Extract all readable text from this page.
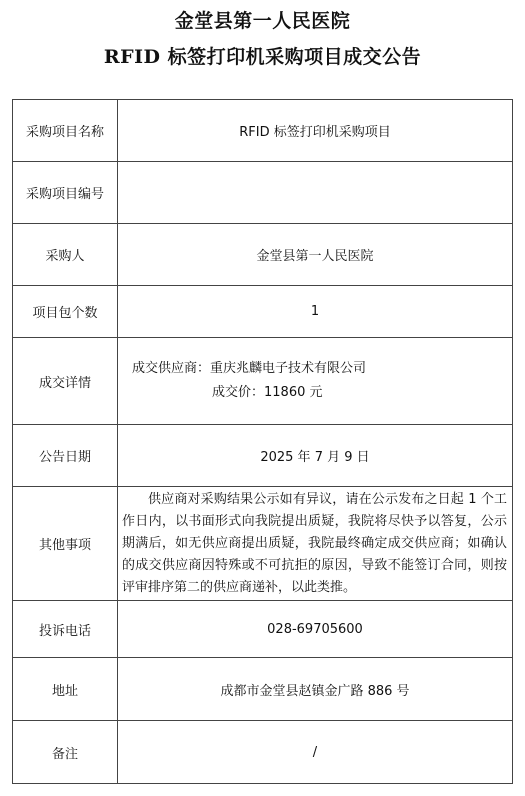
金堂县第一人民医院
RFID 标签打印机采购项目成交公告
采购项目名称	RFID 标签打印机采购项目
采购项目编号	
采购人	金堂县第一人民医院
项目包个数	1
成交详情	成交供应商：重庆兆麟电子技术有限公司
成交价：11860 元

公告日期	2025 年 7 月 9 日
其他事项	供应商对采购结果公示如有异议，请在公示发布之日起 1 个工作日内，以书面形式向我院提出质疑，我院将尽快予以答复，公示期满后，如无供应商提出质疑，我院最终确定成交供应商；如确认的成交供应商因特殊或不可抗拒的原因，导致不能签订合同，则按评审排序第二的供应商递补，以此类推。

投诉电话	028-69705600
地址	成都市金堂县赵镇金广路 886 号
备注	/
